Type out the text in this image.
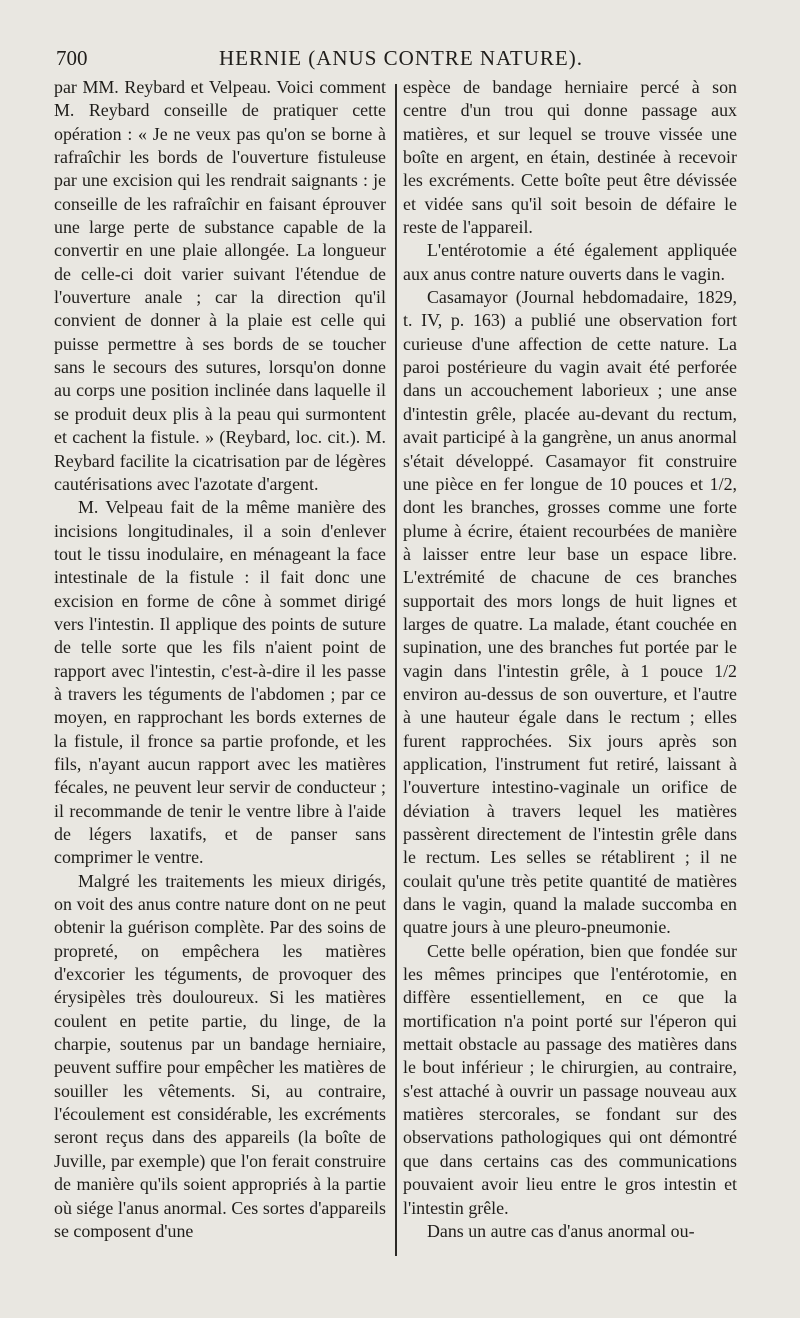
700	HERNIE (ANUS CONTRE NATURE).

par MM. Reybard et Velpeau. Voici comment M. Reybard conseille de pratiquer cette opération : « Je ne veux pas qu'on se borne à rafraîchir les bords de l'ouverture fistuleuse par une excision qui les rendrait saignants : je conseille de les rafraîchir en faisant éprouver une large perte de substance capable de la convertir en une plaie allongée. La longueur de celle-ci doit varier suivant l'étendue de l'ouverture anale ; car la direction qu'il convient de donner à la plaie est celle qui puisse permettre à ses bords de se toucher sans le secours des sutures, lorsqu'on donne au corps une position inclinée dans laquelle il se produit deux plis à la peau qui surmontent et cachent la fistule. » (Reybard, loc. cit.). M. Reybard facilite la cicatrisation par de légères cautérisations avec l'azotate d'argent.

M. Velpeau fait de la même manière des incisions longitudinales, il a soin d'enlever tout le tissu inodulaire, en ménageant la face intestinale de la fistule : il fait donc une excision en forme de cône à sommet dirigé vers l'intestin. Il applique des points de suture de telle sorte que les fils n'aient point de rapport avec l'intestin, c'est-à-dire il les passe à travers les téguments de l'abdomen ; par ce moyen, en rapprochant les bords externes de la fistule, il fronce sa partie profonde, et les fils, n'ayant aucun rapport avec les matières fécales, ne peuvent leur servir de conducteur ; il recommande de tenir le ventre libre à l'aide de légers laxatifs, et de panser sans comprimer le ventre.

Malgré les traitements les mieux dirigés, on voit des anus contre nature dont on ne peut obtenir la guérison complète. Par des soins de propreté, on empêchera les matières d'excorier les téguments, de provoquer des érysipèles très douloureux. Si les matières coulent en petite partie, du linge, de la charpie, soutenus par un bandage herniaire, peuvent suffire pour empêcher les matières de souiller les vêtements. Si, au contraire, l'écoulement est considérable, les excréments seront reçus dans des appareils (la boîte de Juville, par exemple) que l'on ferait construire de manière qu'ils soient appropriés à la partie où siége l'anus anormal. Ces sortes d'appareils se composent d'une

espèce de bandage herniaire percé à son centre d'un trou qui donne passage aux matières, et sur lequel se trouve vissée une boîte en argent, en étain, destinée à recevoir les excréments. Cette boîte peut être dévissée et vidée sans qu'il soit besoin de défaire le reste de l'appareil.

L'entérotomie a été également appliquée aux anus contre nature ouverts dans le vagin.

Casamayor (Journal hebdomadaire, 1829, t. IV, p. 163) a publié une observation fort curieuse d'une affection de cette nature. La paroi postérieure du vagin avait été perforée dans un accouchement laborieux ; une anse d'intestin grêle, placée au-devant du rectum, avait participé à la gangrène, un anus anormal s'était développé. Casamayor fit construire une pièce en fer longue de 10 pouces et 1/2, dont les branches, grosses comme une forte plume à écrire, étaient recourbées de manière à laisser entre leur base un espace libre. L'extrémité de chacune de ces branches supportait des mors longs de huit lignes et larges de quatre. La malade, étant couchée en supination, une des branches fut portée par le vagin dans l'intestin grêle, à 1 pouce 1/2 environ au-dessus de son ouverture, et l'autre à une hauteur égale dans le rectum ; elles furent rapprochées. Six jours après son application, l'instrument fut retiré, laissant à l'ouverture intestino-vaginale un orifice de déviation à travers lequel les matières passèrent directement de l'intestin grêle dans le rectum. Les selles se rétablirent ; il ne coulait qu'une très petite quantité de matières dans le vagin, quand la malade succomba en quatre jours à une pleuro-pneumonie.

Cette belle opération, bien que fondée sur les mêmes principes que l'entérotomie, en diffère essentiellement, en ce que la mortification n'a point porté sur l'éperon qui mettait obstacle au passage des matières dans le bout inférieur ; le chirurgien, au contraire, s'est attaché à ouvrir un passage nouveau aux matières stercorales, se fondant sur des observations pathologiques qui ont démontré que dans certains cas des communications pouvaient avoir lieu entre le gros intestin et l'intestin grêle.

Dans un autre cas d'anus anormal ou-
